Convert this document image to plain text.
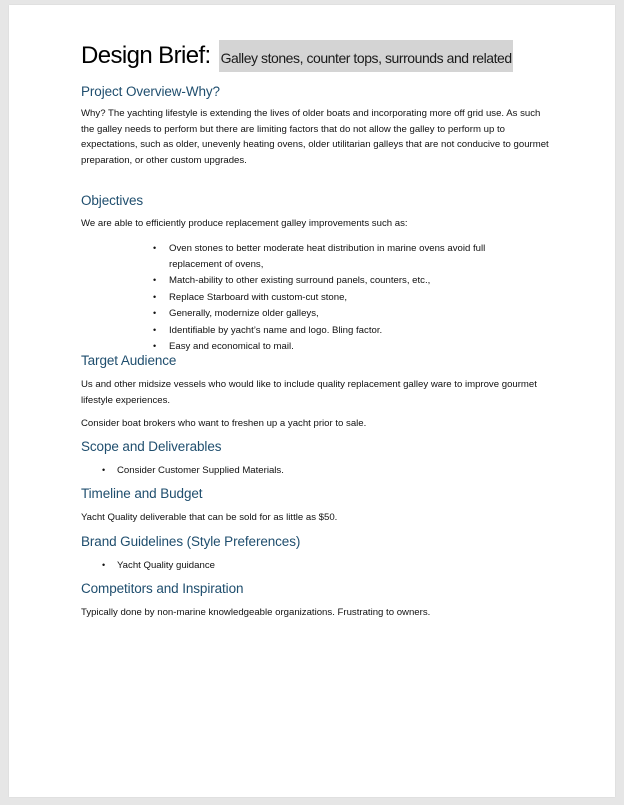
Design Brief: Galley stones, counter tops, surrounds and related
Project Overview-Why?
Why? The yachting lifestyle is extending the lives of older boats and incorporating more off grid use. As such the galley needs to perform but there are limiting factors that do not allow the galley to perform up to expectations, such as older, unevenly heating ovens, older utilitarian galleys that are not conducive to gourmet preparation, or other custom upgrades.
Objectives
We are able to efficiently produce replacement galley improvements such as:
• Oven stones to better moderate heat distribution in marine ovens avoid full replacement of ovens,
• Match-ability to other existing surround panels, counters, etc.,
• Replace Starboard with custom-cut stone,
• Generally, modernize older galleys,
• Identifiable by yacht’s name and logo. Bling factor.
• Easy and economical to mail.
Target Audience
Us and other midsize vessels who would like to include quality replacement galley ware to improve gourmet lifestyle experiences.
Consider boat brokers who want to freshen up a yacht prior to sale.
Scope and Deliverables
• Consider Customer Supplied Materials.
Timeline and Budget
Yacht Quality deliverable that can be sold for as little as $50.
Brand Guidelines (Style Preferences)
• Yacht Quality guidance
Competitors and Inspiration
Typically done by non-marine knowledgeable organizations. Frustrating to owners.
